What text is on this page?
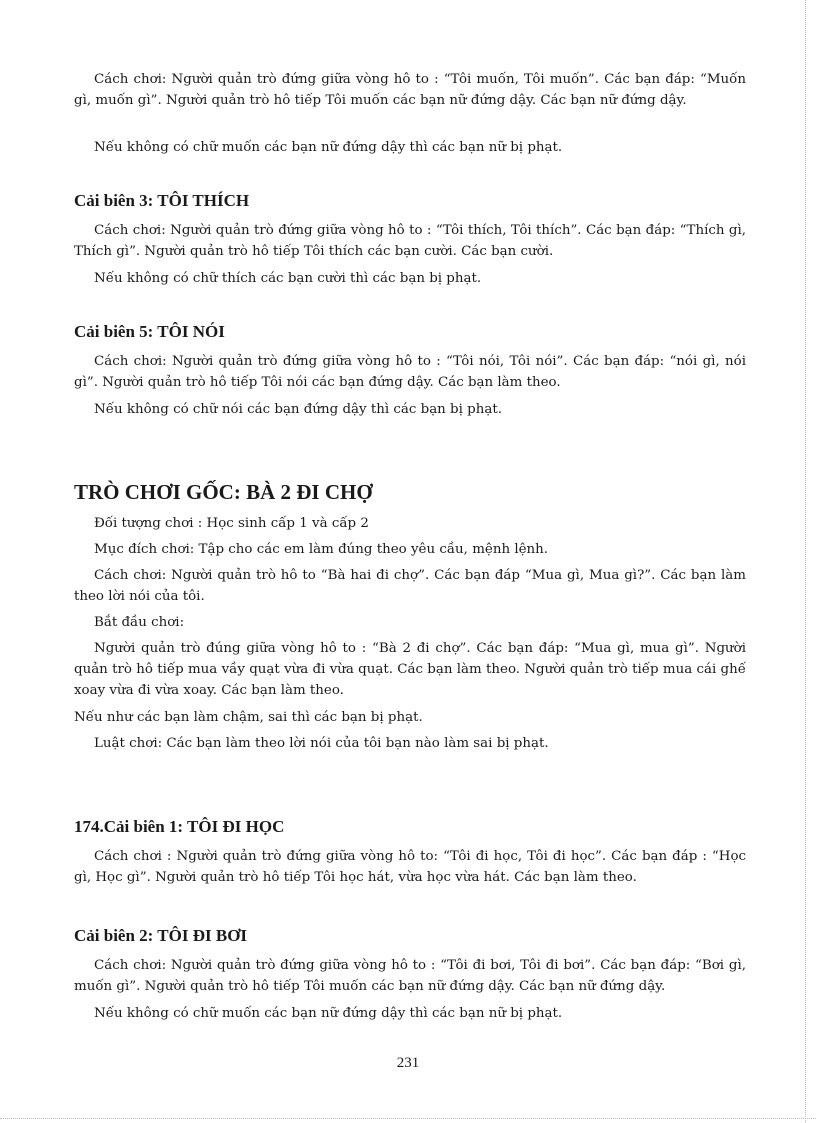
Cách chơi: Người quản trò đứng giữa vòng hô to : “Tôi muốn, Tôi muốn”. Các bạn đáp: “Muốn gì, muốn gì”. Người quản trò hô tiếp Tôi muốn các bạn nữ đứng dậy. Các bạn nữ đứng dậy.

Nếu không có chữ muốn các bạn nữ đứng dậy thì các bạn nữ bị phạt.

Cải biên 3: TÔI THÍCH

Cách chơi: Người quản trò đứng giữa vòng hô to : “Tôi thích, Tôi thích”. Các bạn đáp: “Thích gì, Thích gì”. Người quản trò hô tiếp Tôi thích các bạn cười. Các bạn cười.

Nếu không có chữ thích các bạn cười thì các bạn bị phạt.

Cải biên 5: TÔI NÓI

Cách chơi: Người quản trò đứng giữa vòng hô to : “Tôi nói, Tôi nói”. Các bạn đáp: “nói gì, nói gì”. Người quản trò hô tiếp Tôi nói các bạn đứng dậy. Các bạn làm theo.

Nếu không có chữ nói các bạn đứng dậy thì các bạn bị phạt.

TRÒ CHƠI GỐC: BÀ 2 ĐI CHỢ

Đối tượng chơi : Học sinh cấp 1 và cấp 2

Mục đích chơi: Tập cho các em làm đúng theo yêu cầu, mệnh lệnh.

Cách chơi: Người quản trò hô to “Bà hai đi chợ”. Các bạn đáp “Mua gì, Mua gì?”. Các bạn làm theo lời nói của tôi.

Bắt đầu chơi:

Người quản trò đúng giữa vòng hô to : “Bà 2 đi chợ”. Các bạn đáp: “Mua gì, mua gì”. Người quản trò hô tiếp mua vầy quạt vừa đi vừa quạt. Các bạn làm theo. Người quản trò tiếp mua cái ghế xoay vừa đi vừa xoay. Các bạn làm theo.

Nếu như các bạn làm chậm, sai thì các bạn bị phạt.

Luật chơi: Các bạn làm theo lời nói của tôi bạn nào làm sai bị phạt.

174.Cải biên 1: TÔI ĐI HỌC

Cách chơi : Người quản trò đứng giữa vòng hô to: “Tôi đi học, Tôi đi học”. Các bạn đáp : “Học gì, Học gì”. Người quản trò hô tiếp Tôi học hát, vừa học vừa hát. Các bạn làm theo.

Cải biên 2: TÔI ĐI BƠI

Cách chơi: Người quản trò đứng giữa vòng hô to : “Tôi đi bơi, Tôi đi bơi”. Các bạn đáp: “Bơi gì, muốn gì”. Người quản trò hô tiếp Tôi muốn các bạn nữ đứng dậy. Các bạn nữ đứng dậy.

Nếu không có chữ muốn các bạn nữ đứng dậy thì các bạn nữ bị phạt.

231
